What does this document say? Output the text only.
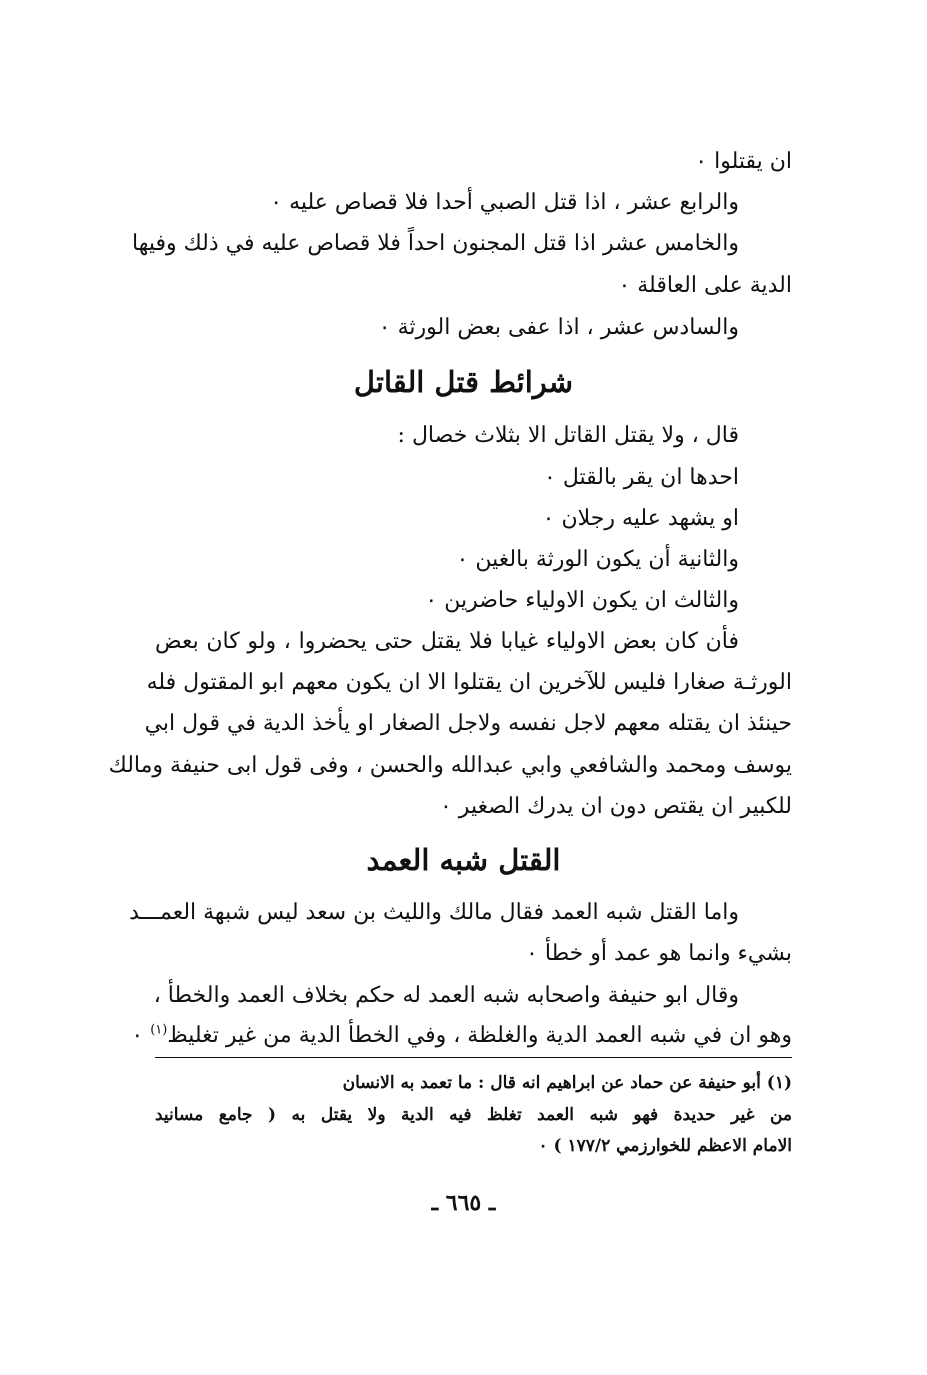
ان يقتلوا ٠
والرابع عشر ، اذا قتل الصبي أحدا فلا قصاص عليه ٠
والخامس عشر اذا قتل المجنون احداً فلا قصاص عليه في ذلك وفيها
الدية على العاقلة ٠
والسادس عشر ، اذا عفى بعض الورثة ٠
شرائط قتل القاتل
قال ، ولا يقتل القاتل الا بثلاث خصال :
احدها ان يقر بالقتل ٠
او يشهد عليه رجلان ٠
والثانية أن يكون الورثة بالغين ٠
والثالث ان يكون الاولياء حاضرين ٠
فأن كان بعض الاولياء غيابا فلا يقتل حتى يحضروا ، ولو كان بعض
الورثـة صغارا فليس للآخرين ان يقتلوا الا ان يكون معهم ابو المقتول فله
حينئذ ان يقتله معهم لاجل نفسه ولاجل الصغار او يأخذ الدية في قول ابي
يوسف ومحمد والشافعي وابي عبدالله والحسن ، وفى قول ابى حنيفة ومالك
للكبير ان يقتص دون ان يدرك الصغير ٠
القتل شبه العمد
واما القتل شبه العمد فقال مالك والليث بن سعد ليس شبهة العمـــد
بشيء وانما هو عمد أو خطأ ٠
وقال ابو حنيفة واصحابه شبه العمد له حكم بخلاف العمد والخطأ ،
وهو ان في شبه العمد الدية والغلظة ، وفي الخطأ الدية من غير تغليظ$^{(١)}$ ٠
(١) أبو حنيفة عن حماد عن ابراهيم انه قال : ما تعمد به الانسان
من غير حديدة فهو شبه العمد تغلظ فيه الدية ولا يقتل به ( جامع مسانيد
الامام الاعظم للخوارزمي ١٧٧/٢ ) ٠
ـ ٦٦٥ ـ
